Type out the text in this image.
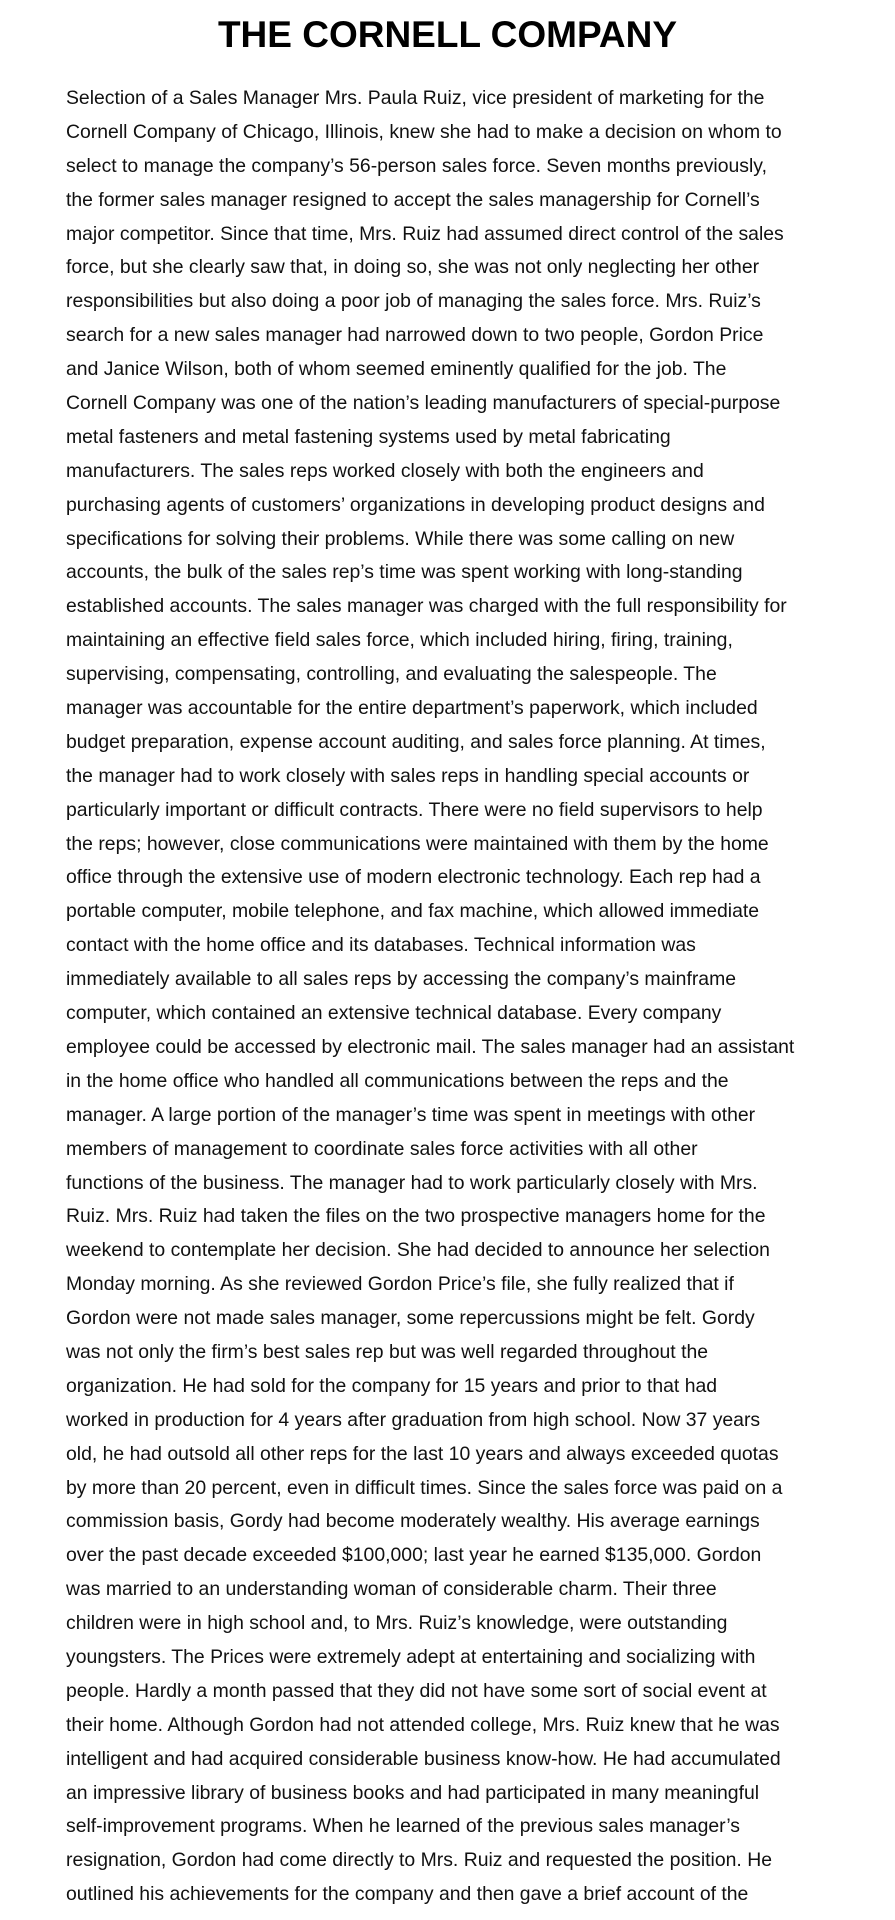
THE CORNELL COMPANY
Selection of a Sales Manager Mrs. Paula Ruiz, vice president of marketing for the
Cornell Company of Chicago, Illinois, knew she had to make a decision on whom to
select to manage the company’s 56-person sales force. Seven months previously,
the former sales manager resigned to accept the sales managership for Cornell’s
major competitor. Since that time, Mrs. Ruiz had assumed direct control of the sales
force, but she clearly saw that, in doing so, she was not only neglecting her other
responsibilities but also doing a poor job of managing the sales force. Mrs. Ruiz’s
search for a new sales manager had narrowed down to two people, Gordon Price
and Janice Wilson, both of whom seemed eminently qualified for the job. The
Cornell Company was one of the nation’s leading manufacturers of special-purpose
metal fasteners and metal fastening systems used by metal fabricating
manufacturers. The sales reps worked closely with both the engineers and
purchasing agents of customers’ organizations in developing product designs and
specifications for solving their problems. While there was some calling on new
accounts, the bulk of the sales rep’s time was spent working with long-standing
established accounts. The sales manager was charged with the full responsibility for
maintaining an effective field sales force, which included hiring, firing, training,
supervising, compensating, controlling, and evaluating the salespeople. The
manager was accountable for the entire department’s paperwork, which included
budget preparation, expense account auditing, and sales force planning. At times,
the manager had to work closely with sales reps in handling special accounts or
particularly important or difficult contracts. There were no field supervisors to help
the reps; however, close communications were maintained with them by the home
office through the extensive use of modern electronic technology. Each rep had a
portable computer, mobile telephone, and fax machine, which allowed immediate
contact with the home office and its databases. Technical information was
immediately available to all sales reps by accessing the company’s mainframe
computer, which contained an extensive technical database. Every company
employee could be accessed by electronic mail. The sales manager had an assistant
in the home office who handled all communications between the reps and the
manager. A large portion of the manager’s time was spent in meetings with other
members of management to coordinate sales force activities with all other
functions of the business. The manager had to work particularly closely with Mrs.
Ruiz. Mrs. Ruiz had taken the files on the two prospective managers home for the
weekend to contemplate her decision. She had decided to announce her selection
Monday morning. As she reviewed Gordon Price’s file, she fully realized that if
Gordon were not made sales manager, some repercussions might be felt. Gordy
was not only the firm’s best sales rep but was well regarded throughout the
organization. He had sold for the company for 15 years and prior to that had
worked in production for 4 years after graduation from high school. Now 37 years
old, he had outsold all other reps for the last 10 years and always exceeded quotas
by more than 20 percent, even in difficult times. Since the sales force was paid on a
commission basis, Gordy had become moderately wealthy. His average earnings
over the past decade exceeded $100,000; last year he earned $135,000. Gordon
was married to an understanding woman of considerable charm. Their three
children were in high school and, to Mrs. Ruiz’s knowledge, were outstanding
youngsters. The Prices were extremely adept at entertaining and socializing with
people. Hardly a month passed that they did not have some sort of social event at
their home. Although Gordon had not attended college, Mrs. Ruiz knew that he was
intelligent and had acquired considerable business know-how. He had accumulated
an impressive library of business books and had participated in many meaningful
self-improvement programs. When he learned of the previous sales manager’s
resignation, Gordon had come directly to Mrs. Ruiz and requested the position. He
outlined his achievements for the company and then gave a brief account of the
